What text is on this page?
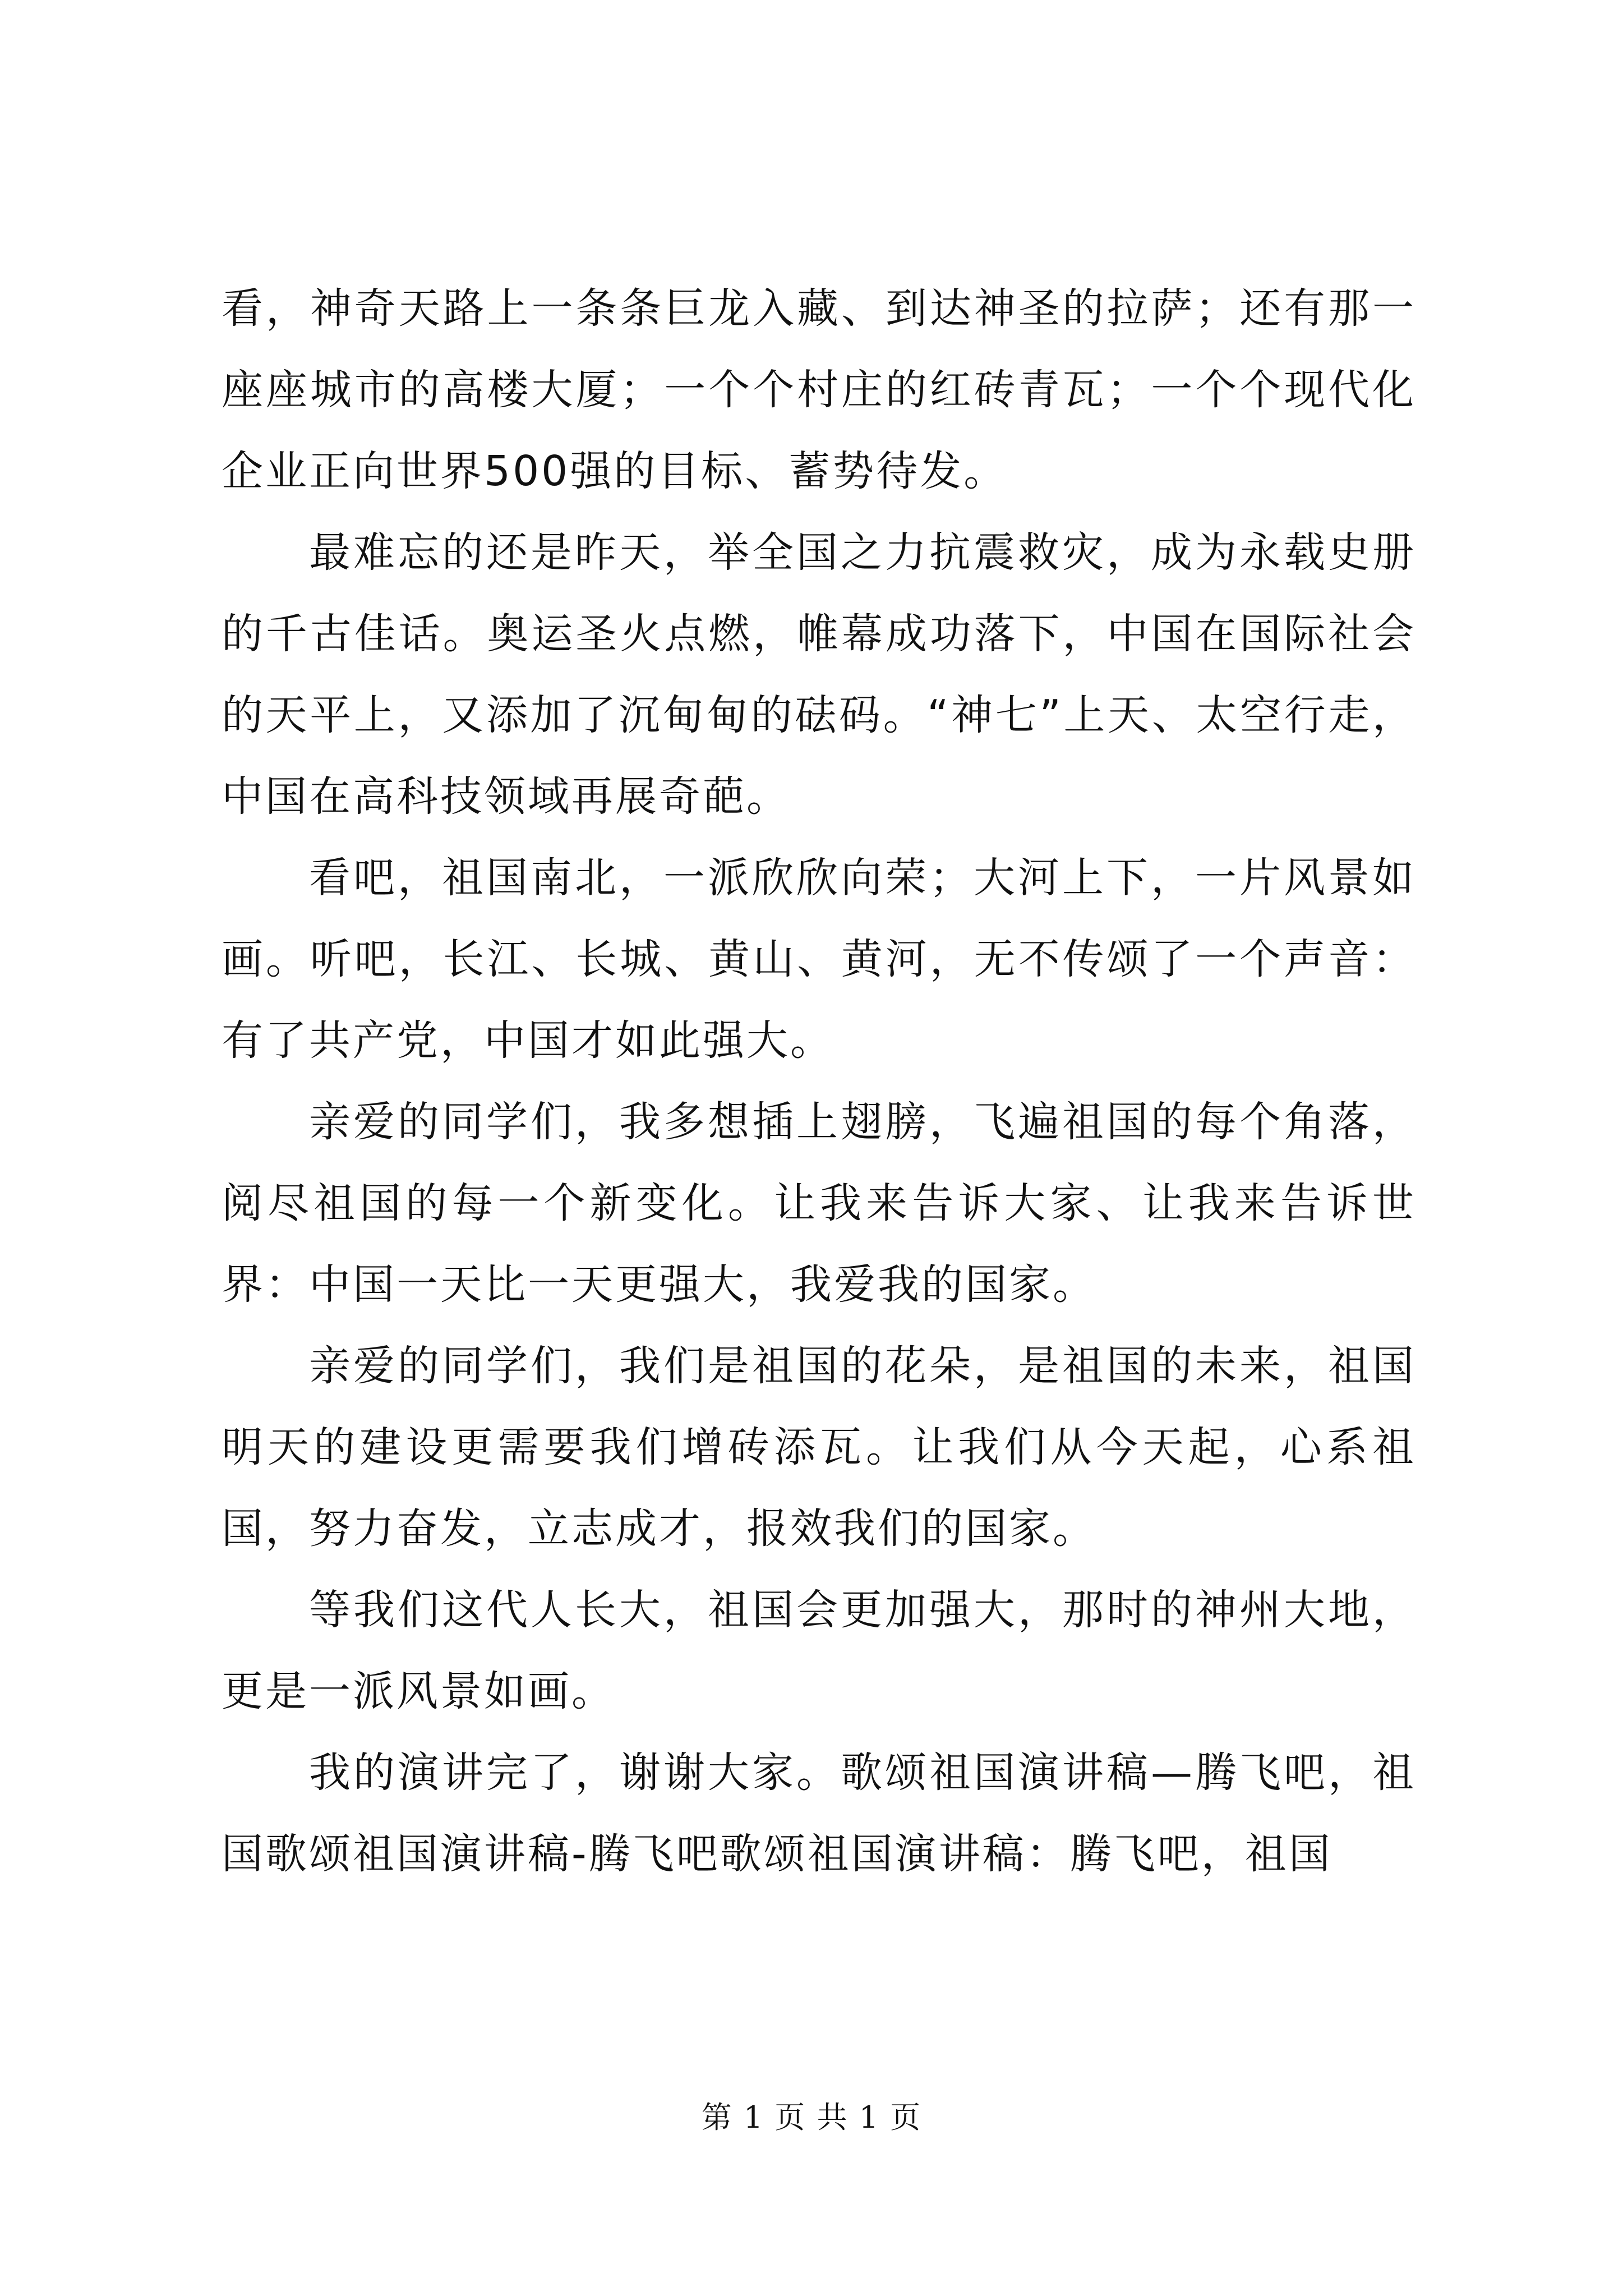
看，神奇天路上一条条巨龙入藏、到达神圣的拉萨；还有那一座座城市的高楼大厦；一个个村庄的红砖青瓦；一个个现代化企业正向世界500强的目标、蓄势待发。

最难忘的还是昨天，举全国之力抗震救灾，成为永载史册的千古佳话。奥运圣火点燃，帷幕成功落下，中国在国际社会的天平上，又添加了沉甸甸的砝码。“神七”上天、太空行走，中国在高科技领域再展奇葩。

看吧，祖国南北，一派欣欣向荣；大河上下，一片风景如画。听吧，长江、长城、黄山、黄河，无不传颂了一个声音：有了共产党，中国才如此强大。

亲爱的同学们，我多想插上翅膀，飞遍祖国的每个角落，阅尽祖国的每一个新变化。让我来告诉大家、让我来告诉世界：中国一天比一天更强大，我爱我的国家。

亲爱的同学们，我们是祖国的花朵，是祖国的未来，祖国明天的建设更需要我们增砖添瓦。让我们从今天起，心系祖国，努力奋发，立志成才，报效我们的国家。

等我们这代人长大，祖国会更加强大，那时的神州大地，更是一派风景如画。

我的演讲完了，谢谢大家。歌颂祖国演讲稿—腾飞吧，祖国歌颂祖国演讲稿-腾飞吧歌颂祖国演讲稿：腾飞吧，祖国

第 1 页 共 1 页
